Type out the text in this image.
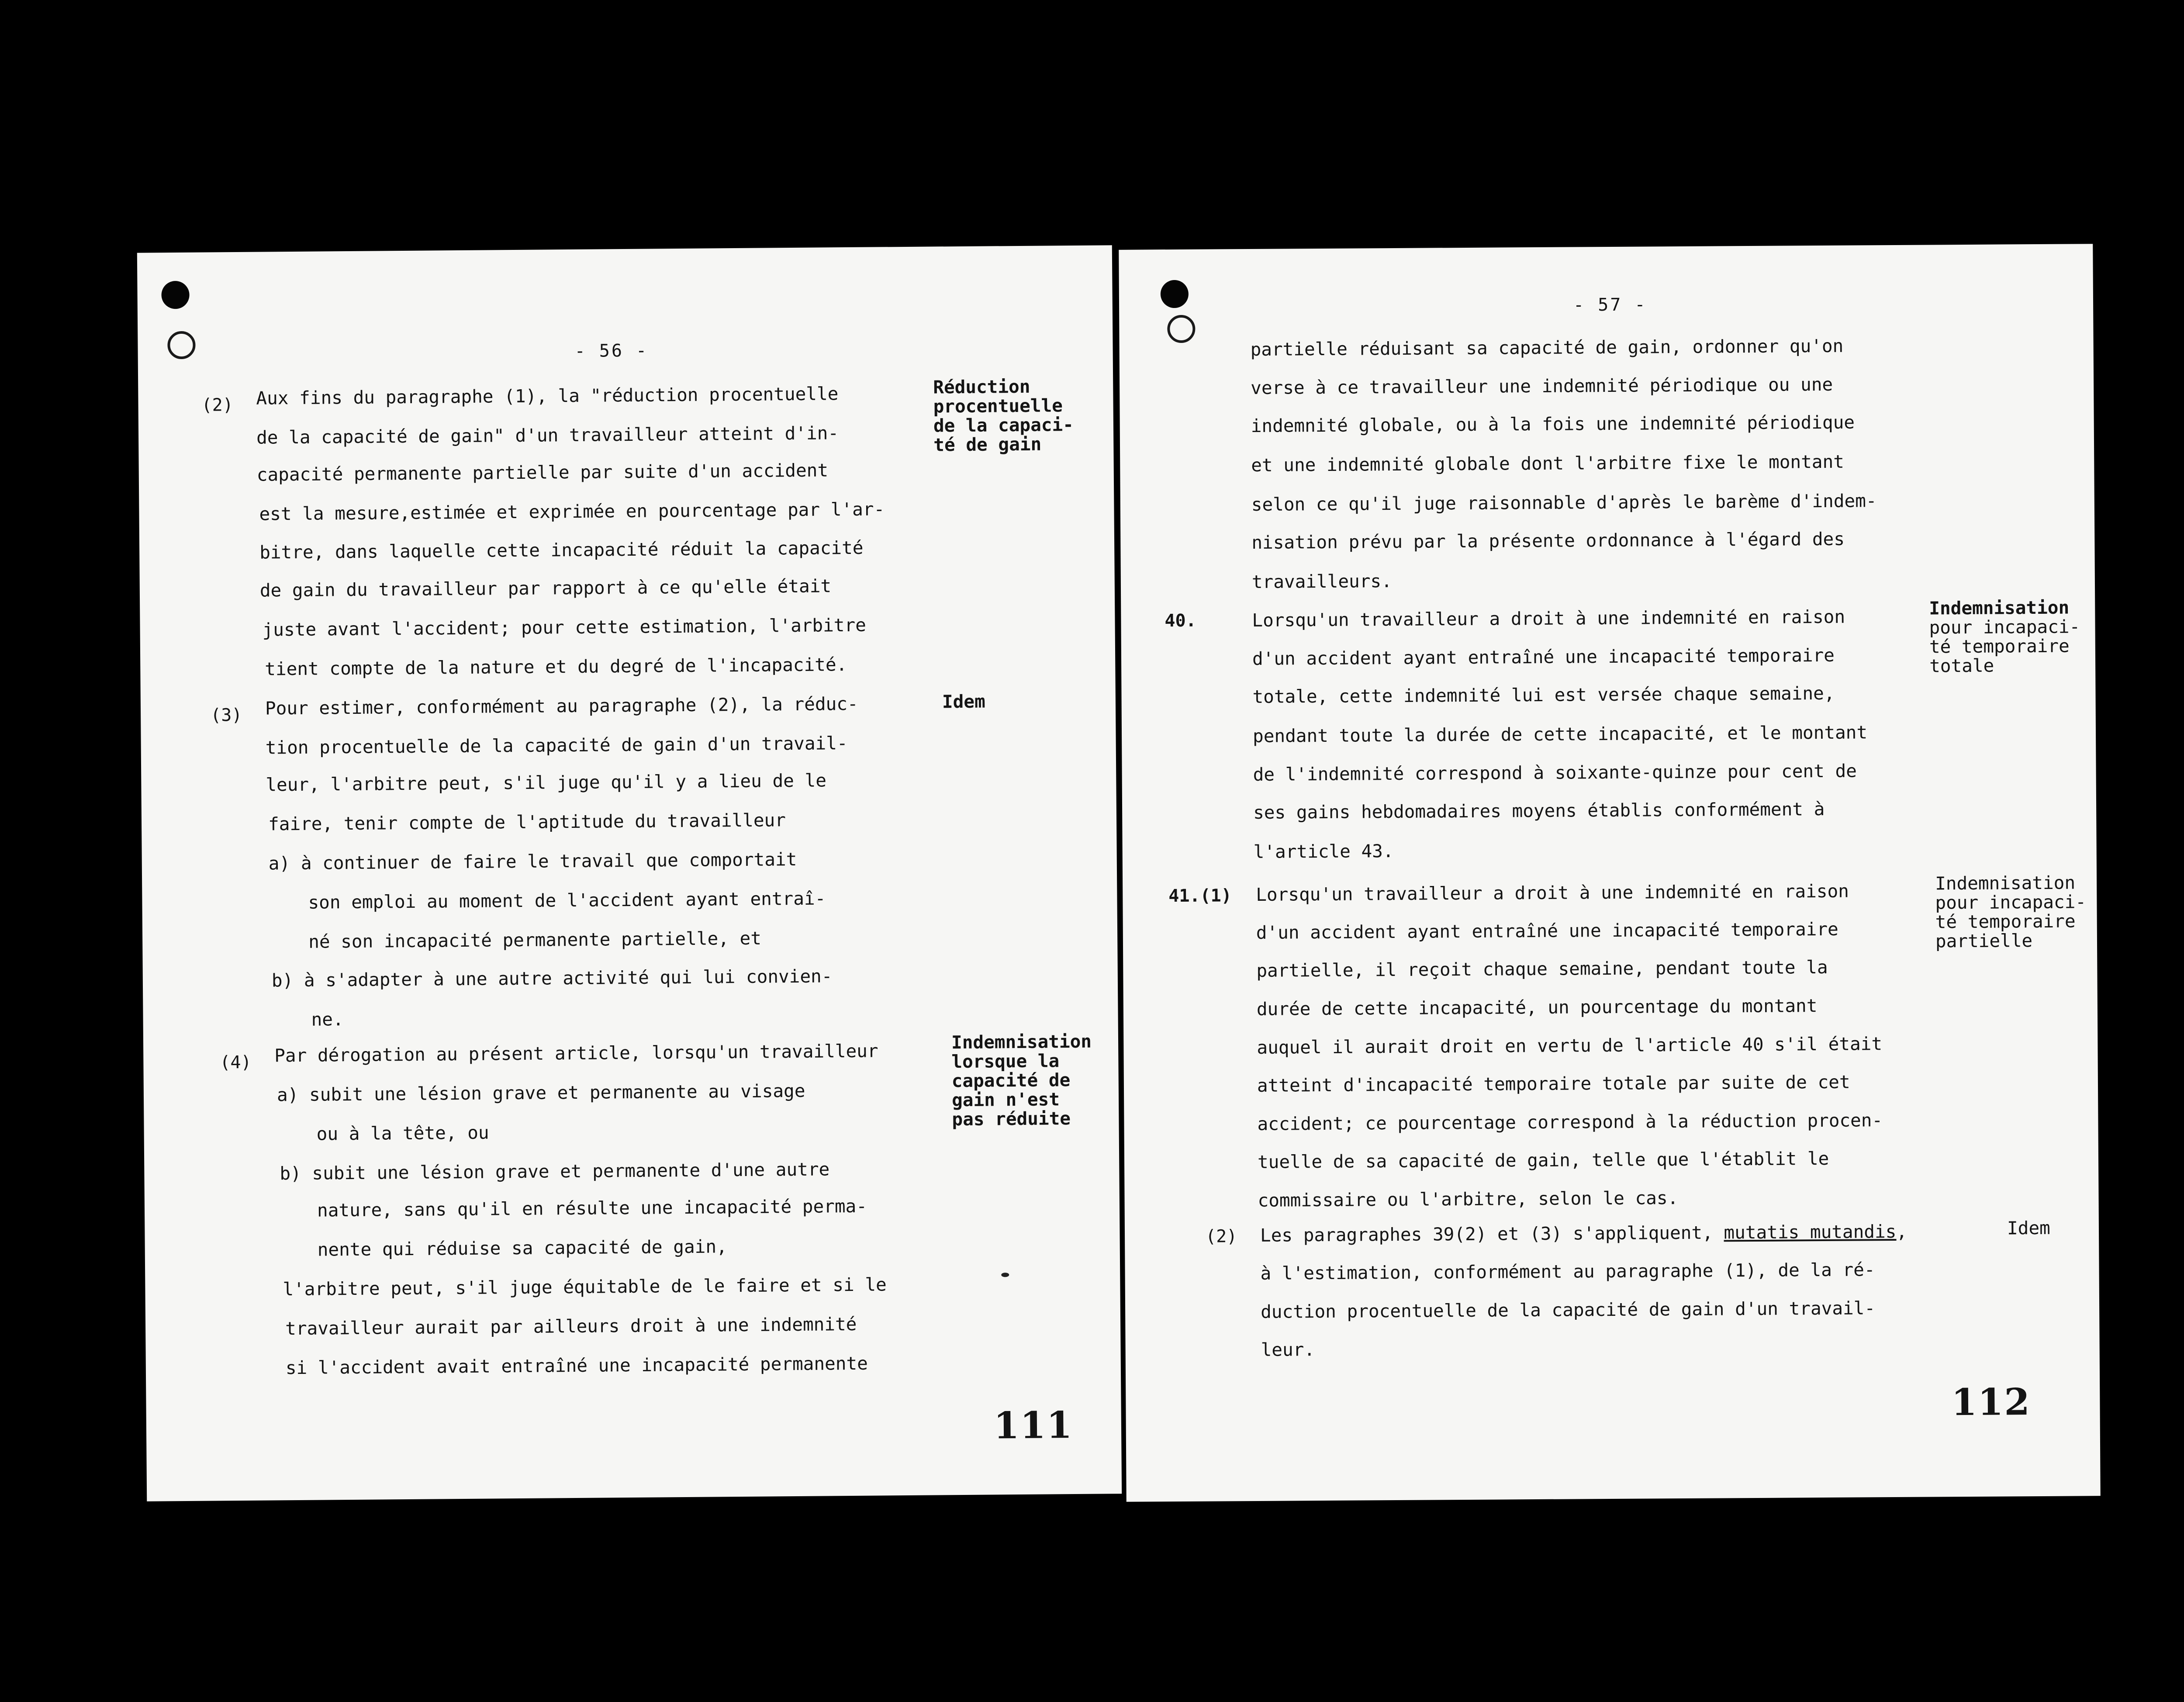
- 56 -
(2) Aux fins du paragraphe (1), la "réduction procentuelle
de la capacité de gain" d'un travailleur atteint d'in-
capacité permanente partielle par suite d'un accident
est la mesure,estimée et exprimée en pourcentage par l'ar-
bitre, dans laquelle cette incapacité réduit la capacité
de gain du travailleur par rapport à ce qu'elle était
juste avant l'accident; pour cette estimation, l'arbitre
tient compte de la nature et du degré de l'incapacité.
Réduction
procentuelle
de la capaci-
té de gain
(3) Pour estimer, conformément au paragraphe (2), la réduc-
tion procentuelle de la capacité de gain d'un travail-
leur, l'arbitre peut, s'il juge qu'il y a lieu de le
faire, tenir compte de l'aptitude du travailleur
a) à continuer de faire le travail que comportait
son emploi au moment de l'accident ayant entraî-
né son incapacité permanente partielle, et
b) à s'adapter à une autre activité qui lui convien-
ne.
Idem
(4) Par dérogation au présent article, lorsqu'un travailleur
a) subit une lésion grave et permanente au visage
ou à la tête, ou
b) subit une lésion grave et permanente d'une autre
nature, sans qu'il en résulte une incapacité perma-
nente qui réduise sa capacité de gain,
l'arbitre peut, s'il juge équitable de le faire et si le
travailleur aurait par ailleurs droit à une indemnité
si l'accident avait entraîné une incapacité permanente
Indemnisation
lorsque la
capacité de
gain n'est
pas réduite
111
- 57 -
partielle réduisant sa capacité de gain, ordonner qu'on
verse à ce travailleur une indemnité périodique ou une
indemnité globale, ou à la fois une indemnité périodique
et une indemnité globale dont l'arbitre fixe le montant
selon ce qu'il juge raisonnable d'après le barème d'indem-
nisation prévu par la présente ordonnance à l'égard des
travailleurs.
40.	Lorsqu'un travailleur a droit à une indemnité en raison
d'un accident ayant entraîné une incapacité temporaire
totale, cette indemnité lui est versée chaque semaine,
pendant toute la durée de cette incapacité, et le montant
de l'indemnité correspond à soixante-quinze pour cent de
ses gains hebdomadaires moyens établis conformément à
l'article 43.
Indemnisation
pour incapaci-
té temporaire
totale
41.(1) Lorsqu'un travailleur a droit à une indemnité en raison
d'un accident ayant entraîné une incapacité temporaire
partielle, il reçoit chaque semaine, pendant toute la
durée de cette incapacité, un pourcentage du montant
auquel il aurait droit en vertu de l'article 40 s'il était
atteint d'incapacité temporaire totale par suite de cet
accident; ce pourcentage correspond à la réduction procen-
tuelle de sa capacité de gain, telle que l'établit le
commissaire ou l'arbitre, selon le cas.
Indemnisation
pour incapaci-
té temporaire
partielle
(2) Les paragraphes 39(2) et (3) s'appliquent, mutatis mutandis,
à l'estimation, conformément au paragraphe (1), de la ré-
duction procentuelle de la capacité de gain d'un travail-
leur.
Idem
112
